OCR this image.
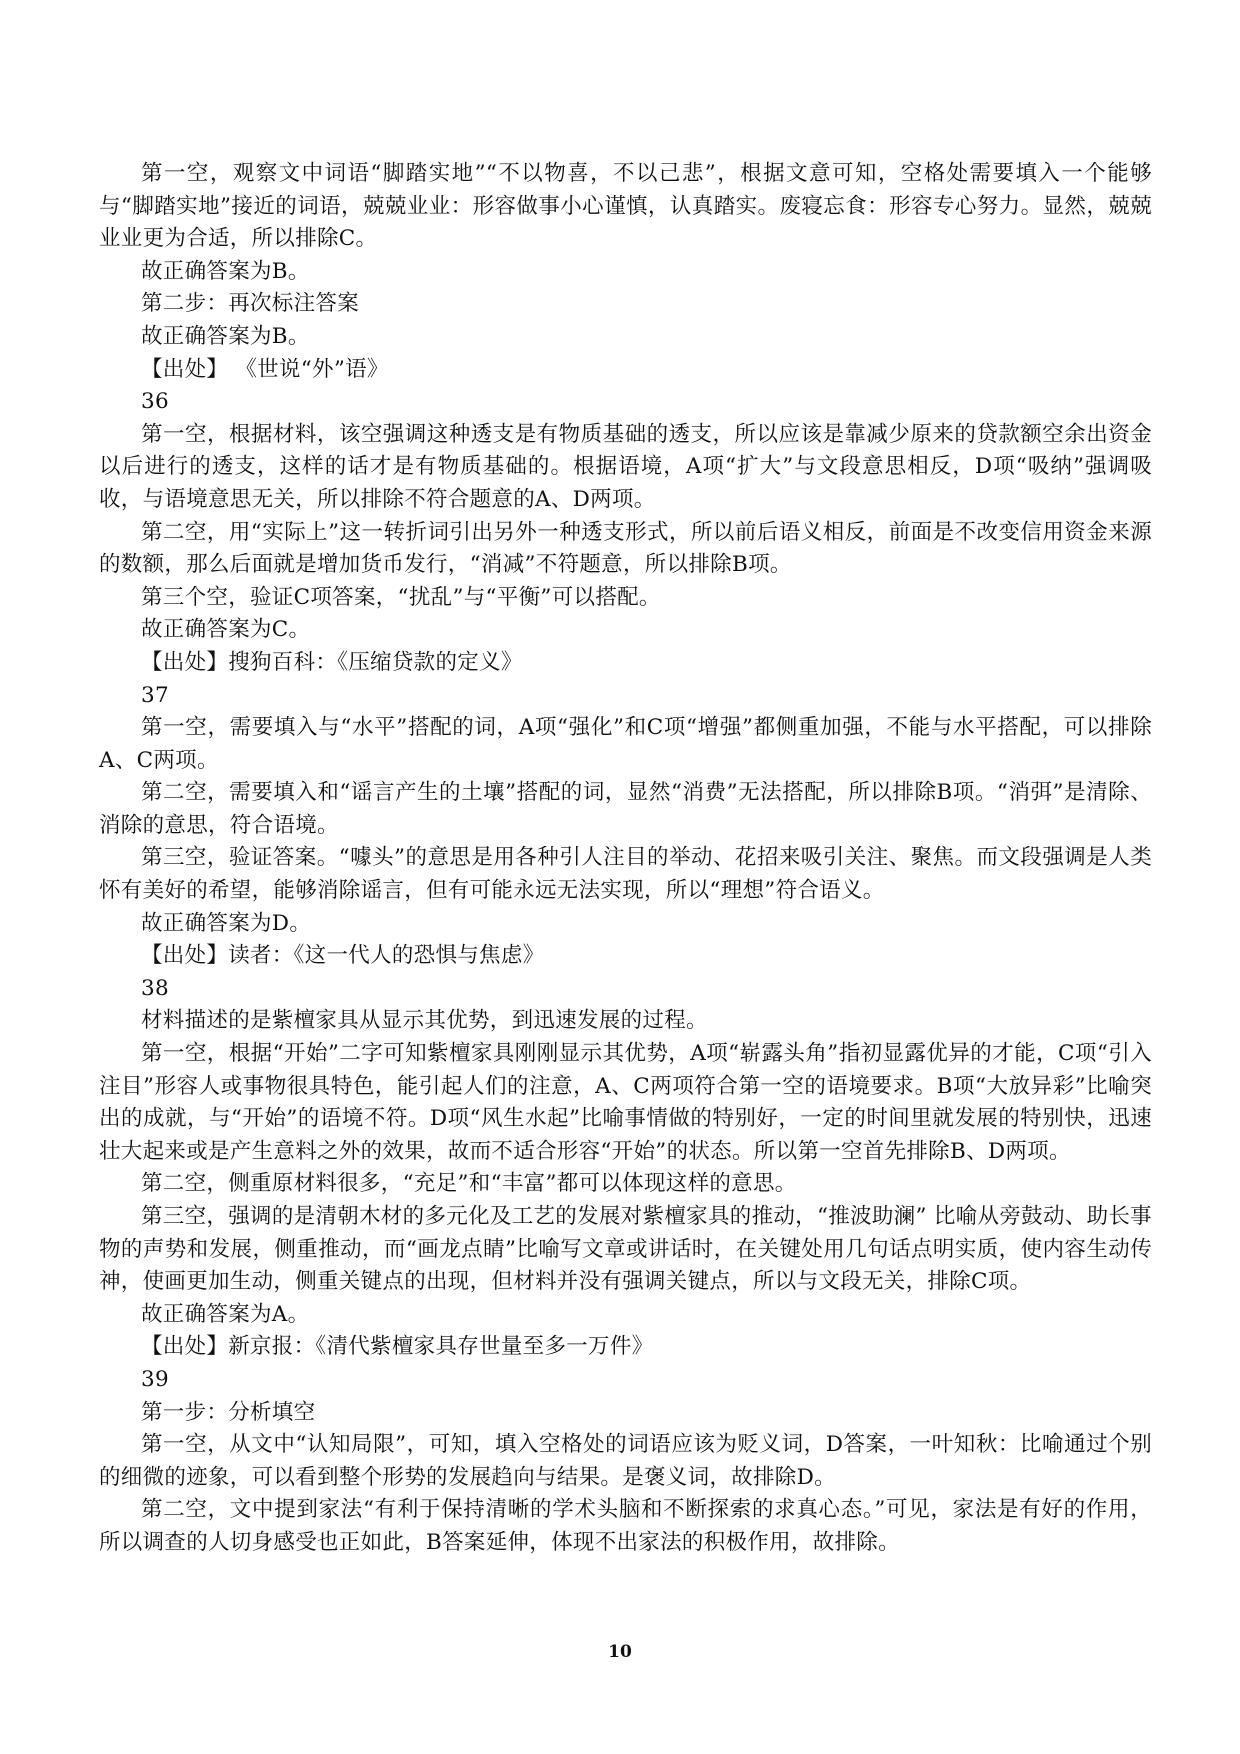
第一空，观察文中词语“脚踏实地”“不以物喜，不以己悲”，根据文意可知，空格处需要填入一个能够与“脚踏实地”接近的词语，兢兢业业：形容做事小心谨慎，认真踏实。废寝忘食：形容专心努力。显然，兢兢业业更为合适，所以排除C。

故正确答案为B。

第二步：再次标注答案

故正确答案为B。

【出处】 《世说“外”语》

36

第一空，根据材料，该空强调这种透支是有物质基础的透支，所以应该是靠减少原来的贷款额空余出资金以后进行的透支，这样的话才是有物质基础的。根据语境，A项“扩大”与文段意思相反，D项“吸纳”强调吸收，与语境意思无关，所以排除不符合题意的A、D两项。

第二空，用“实际上”这一转折词引出另外一种透支形式，所以前后语义相反，前面是不改变信用资金来源的数额，那么后面就是增加货币发行，“消减”不符题意，所以排除B项。

第三个空，验证C项答案，“扰乱”与“平衡”可以搭配。

故正确答案为C。

【出处】搜狗百科：《压缩贷款的定义》

37

第一空，需要填入与“水平”搭配的词，A项“强化”和C项“增强”都侧重加强，不能与水平搭配，可以排除A、C两项。

第二空，需要填入和“谣言产生的土壤”搭配的词，显然“消费”无法搭配，所以排除B项。“消弭”是清除、消除的意思，符合语境。

第三空，验证答案。“噱头”的意思是用各种引人注目的举动、花招来吸引关注、聚焦。而文段强调是人类怀有美好的希望，能够消除谣言，但有可能永远无法实现，所以“理想”符合语义。

故正确答案为D。

【出处】读者：《这一代人的恐惧与焦虑》

38

材料描述的是紫檀家具从显示其优势，到迅速发展的过程。

第一空，根据“开始”二字可知紫檀家具刚刚显示其优势，A项“崭露头角”指初显露优异的才能，C项“引入注目”形容人或事物很具特色，能引起人们的注意，A、C两项符合第一空的语境要求。B项“大放异彩”比喻突出的成就，与“开始”的语境不符。D项“风生水起”比喻事情做的特别好，一定的时间里就发展的特别快，迅速壮大起来或是产生意料之外的效果，故而不适合形容“开始”的状态。所以第一空首先排除B、D两项。

第二空，侧重原材料很多，“充足”和“丰富”都可以体现这样的意思。

第三空，强调的是清朝木材的多元化及工艺的发展对紫檀家具的推动，“推波助澜” 比喻从旁鼓动、助长事物的声势和发展，侧重推动，而“画龙点睛”比喻写文章或讲话时，在关键处用几句话点明实质，使内容生动传神，使画更加生动，侧重关键点的出现，但材料并没有强调关键点，所以与文段无关，排除C项。

故正确答案为A。

【出处】新京报：《清代紫檀家具存世量至多一万件》

39

第一步：分析填空

第一空，从文中“认知局限”，可知，填入空格处的词语应该为贬义词，D答案，一叶知秋：比喻通过个别的细微的迹象，可以看到整个形势的发展趋向与结果。是褒义词，故排除D。

第二空，文中提到家法“有利于保持清晰的学术头脑和不断探索的求真心态。”可见，家法是有好的作用，所以调查的人切身感受也正如此，B答案延伸，体现不出家法的积极作用，故排除。

10
